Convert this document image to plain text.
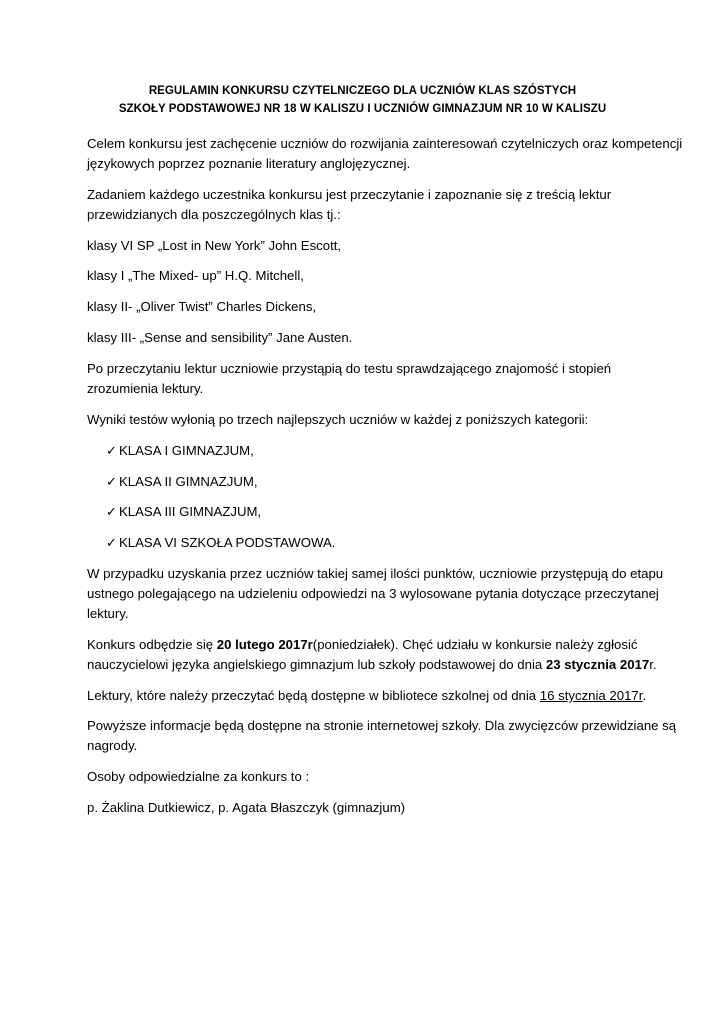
REGULAMIN KONKURSU CZYTELNICZEGO DLA UCZNIÓW KLAS SZÓSTYCH
SZKOŁY PODSTAWOWEJ NR 18 W KALISZU I UCZNIÓW GIMNAZJUM NR 10 W KALISZU
Celem konkursu jest zachęcenie uczniów do rozwijania zainteresowań czytelniczych oraz kompetencji
językowych poprzez poznanie literatury anglojęzycznej.
Zadaniem każdego uczestnika konkursu jest przeczytanie i zapoznanie się z treścią lektur
przewidzianych dla poszczególnych klas tj.:
klasy VI SP „Lost in New York” John Escott,
klasy I „The Mixed- up” H.Q. Mitchell,
klasy II- „Oliver Twist” Charles Dickens,
klasy III- „Sense and sensibility” Jane Austen.
Po przeczytaniu lektur uczniowie przystąpią do testu sprawdzającego znajomość i stopień
zrozumienia lektury.
Wyniki testów wyłonią po trzech najlepszych uczniów w każdej z poniższych kategorii:
✓ KLASA I GIMNAZJUM,
✓ KLASA II GIMNAZJUM,
✓ KLASA III GIMNAZJUM,
✓ KLASA VI SZKOŁA PODSTAWOWA.
W przypadku uzyskania przez uczniów takiej samej ilości punktów, uczniowie przystępują do etapu
ustnego polegającego na udzieleniu odpowiedzi na 3 wylosowane pytania dotyczące przeczytanej
lektury.
Konkurs odbędzie się 20 lutego 2017r(poniedziałek). Chęć udziału w konkursie należy zgłosić
nauczycielowi języka angielskiego gimnazjum lub szkoły podstawowej do dnia 23 stycznia 2017r.
Lektury, które należy przeczytać będą dostępne w bibliotece szkolnej od dnia 16 stycznia 2017r.
Powyższe informacje będą dostępne na stronie internetowej szkoły. Dla zwycięzców przewidziane są
nagrody.
Osoby odpowiedzialne za konkurs to :
p. Żaklina Dutkiewicz, p. Agata Błaszczyk (gimnazjum)
